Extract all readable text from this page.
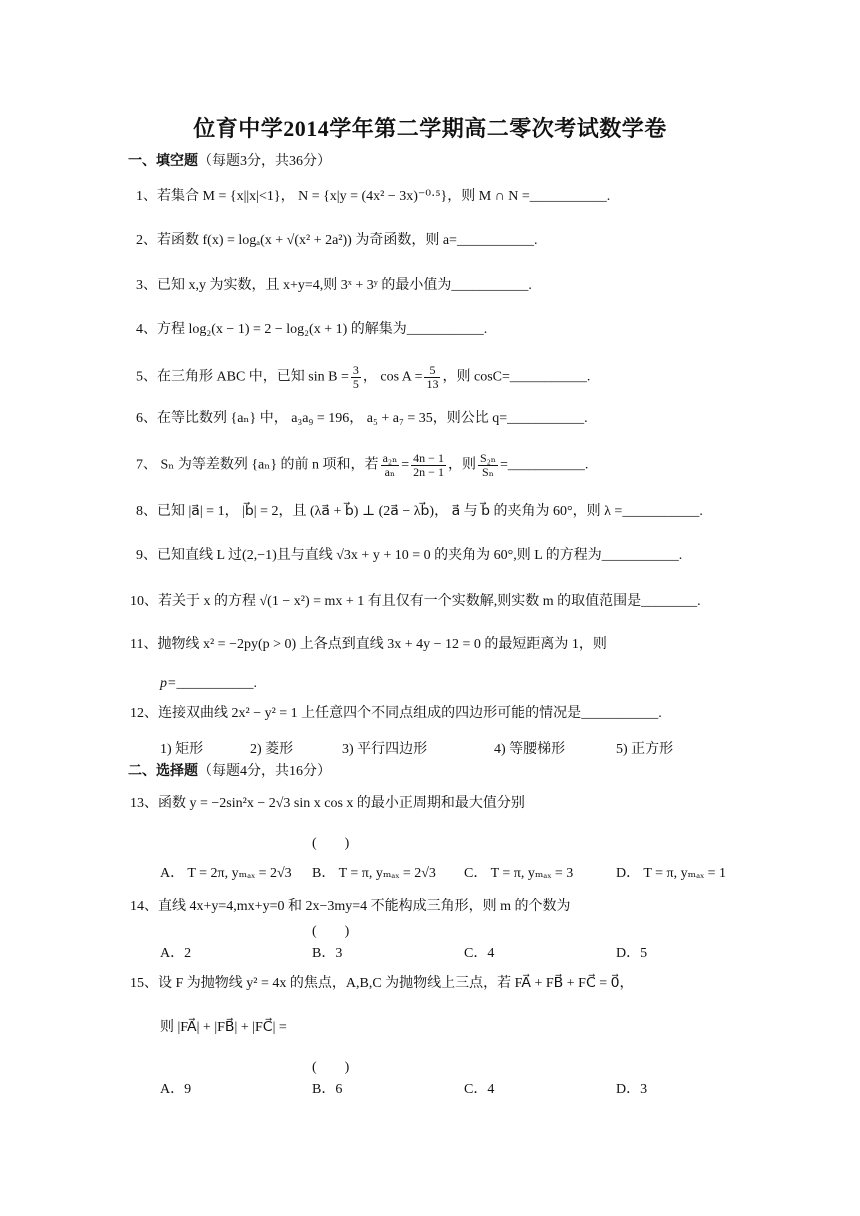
位育中学2014学年第二学期高二零次考试数学卷
一、填空题（每题3分，共36分）
1、若集合 M = {x||x|<1}， N = {x|y = (4x² − 3x)⁻⁰·⁵}，则 M ∩ N =___________.
2、若函数 f(x) = logₐ(x + √(x² + 2a²)) 为奇函数，则 a=___________.
3、已知 x,y 为实数，且 x+y=4,则 3ˣ + 3ʸ 的最小值为___________.
4、方程 log₂(x − 1) = 2 − log₂(x + 1) 的解集为___________.
5、在三角形 ABC 中，已知 $\sin B = \frac{3}{5}$ ， $\cos A = \frac{5}{13}$ ，则 cosC=___________.
6、在等比数列 {aₙ} 中， a₃a₉ = 196， a₅ + a₇ = 35，则公比 q=___________.
7、 Sₙ 为等差数列 {aₙ} 的前 n 项和，若 $\frac{\text{a₂ₙ}}{\text{aₙ}} = \frac{4n - 1}{2n - 1}$ ，则 $\frac{\text{S₂ₙ}}{\text{Sₙ}}$ =___________.
8、已知 |a⃗| = 1， |b⃗| = 2，且 (λa⃗ + b⃗) ⊥ (2a⃗ − λb⃗)， a⃗ 与 b⃗ 的夹角为 60°，则 λ =___________.
9、已知直线 L 过(2,−1)且与直线 √3x + y + 10 = 0 的夹角为 60°,则 L 的方程为___________.
10、若关于 x 的方程 √(1 − x²) = mx + 1 有且仅有一个实数解,则实数 m 的取值范围是________.
11、抛物线 x² = −2py(p > 0) 上各点到直线 3x + 4y − 12 = 0 的最短距离为 1，则
p=___________.
12、连接双曲线 2x² − y² = 1 上任意四个不同点组成的四边形可能的情况是___________.
1) 矩形	2) 菱形	3) 平行四边形	4) 等腰梯形	5) 正方形
二、选择题（每题4分，共16分）
13、函数 y = −2sin²x − 2√3 sin x cos x 的最小正周期和最大值分别
(　　)
A． T = 2π, yₘₐₓ = 2√3 B． T = π, yₘₐₓ = 2√3 C． T = π, yₘₐₓ = 3	D． T = π, yₘₐₓ = 1
14、直线 4x+y=4,mx+y=0 和 2x−3my=4 不能构成三角形，则 m 的个数为
(　　)
A．2	B．3	C．4	D．5
15、设 F 为抛物线 y² = 4x 的焦点，A,B,C 为抛物线上三点，若 FA⃗ + FB⃗ + FC⃗ = 0⃗，
则 |FA⃗| + |FB⃗| + |FC⃗| =
(　　)
A．9	B．6	C．4	D．3
